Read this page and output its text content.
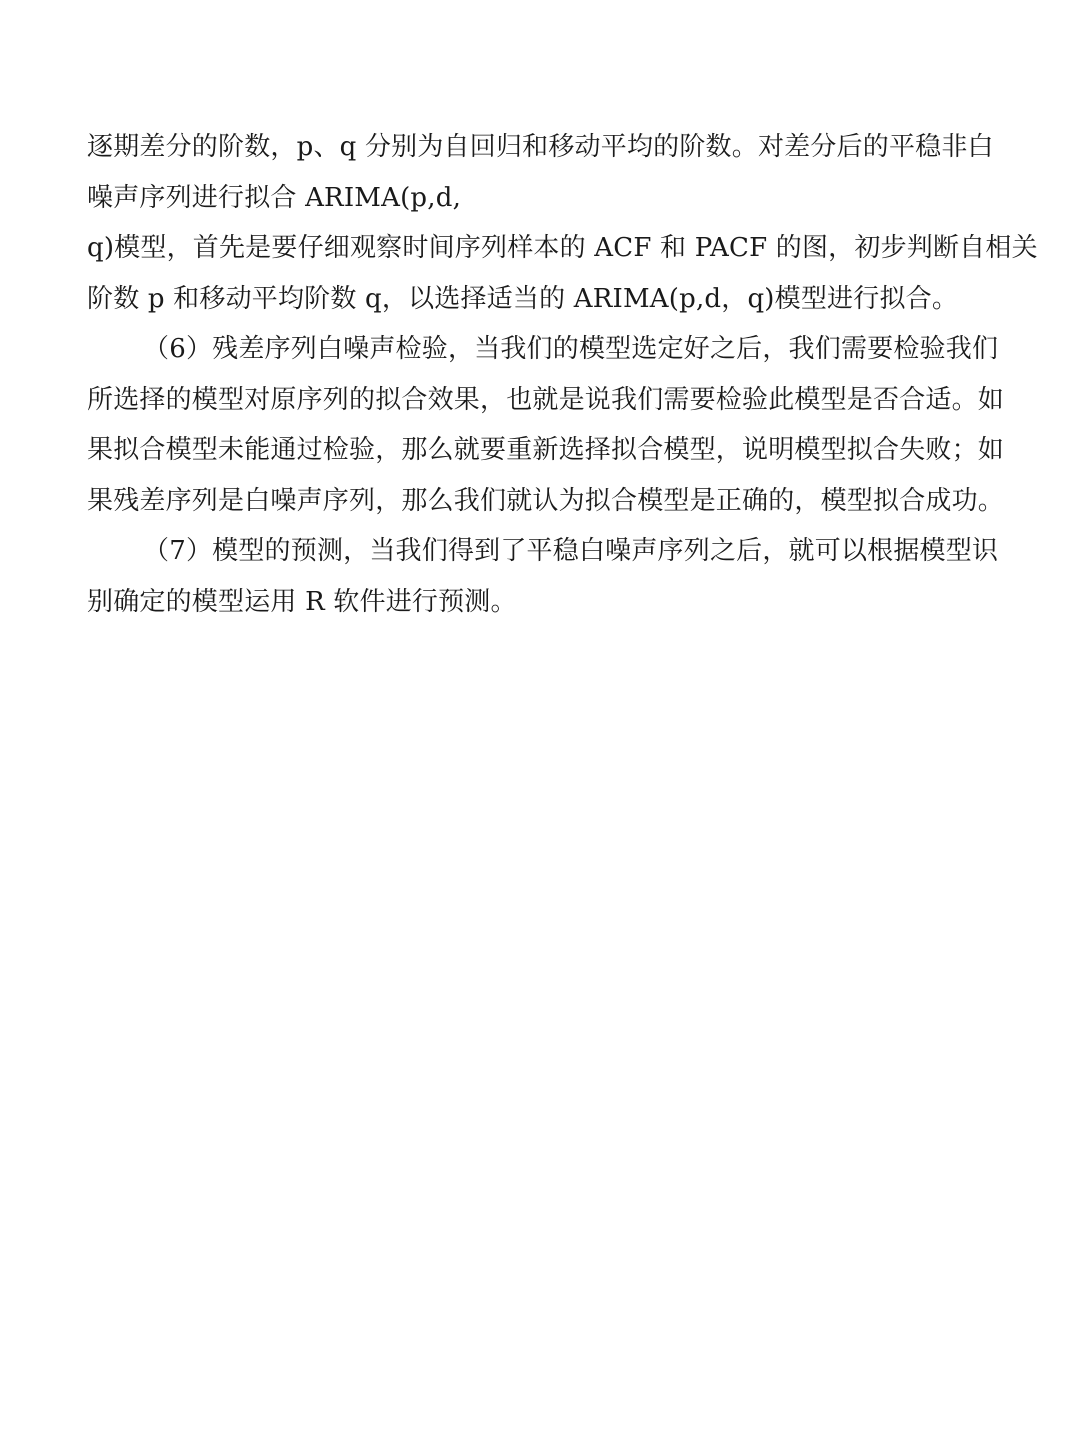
逐期差分的阶数，p、q 分别为自回归和移动平均的阶数。对差分后的平稳非白
噪声序列进行拟合 ARIMA(p,d,
q)模型，首先是要仔细观察时间序列样本的 ACF 和 PACF 的图，初步判断自相关
阶数 p 和移动平均阶数 q，以选择适当的 ARIMA(p,d，q)模型进行拟合。
（6）残差序列白噪声检验，当我们的模型选定好之后，我们需要检验我们
所选择的模型对原序列的拟合效果，也就是说我们需要检验此模型是否合适。如
果拟合模型未能通过检验，那么就要重新选择拟合模型，说明模型拟合失败；如
果残差序列是白噪声序列，那么我们就认为拟合模型是正确的，模型拟合成功。
（7）模型的预测，当我们得到了平稳白噪声序列之后，就可以根据模型识
别确定的模型运用 R 软件进行预测。
